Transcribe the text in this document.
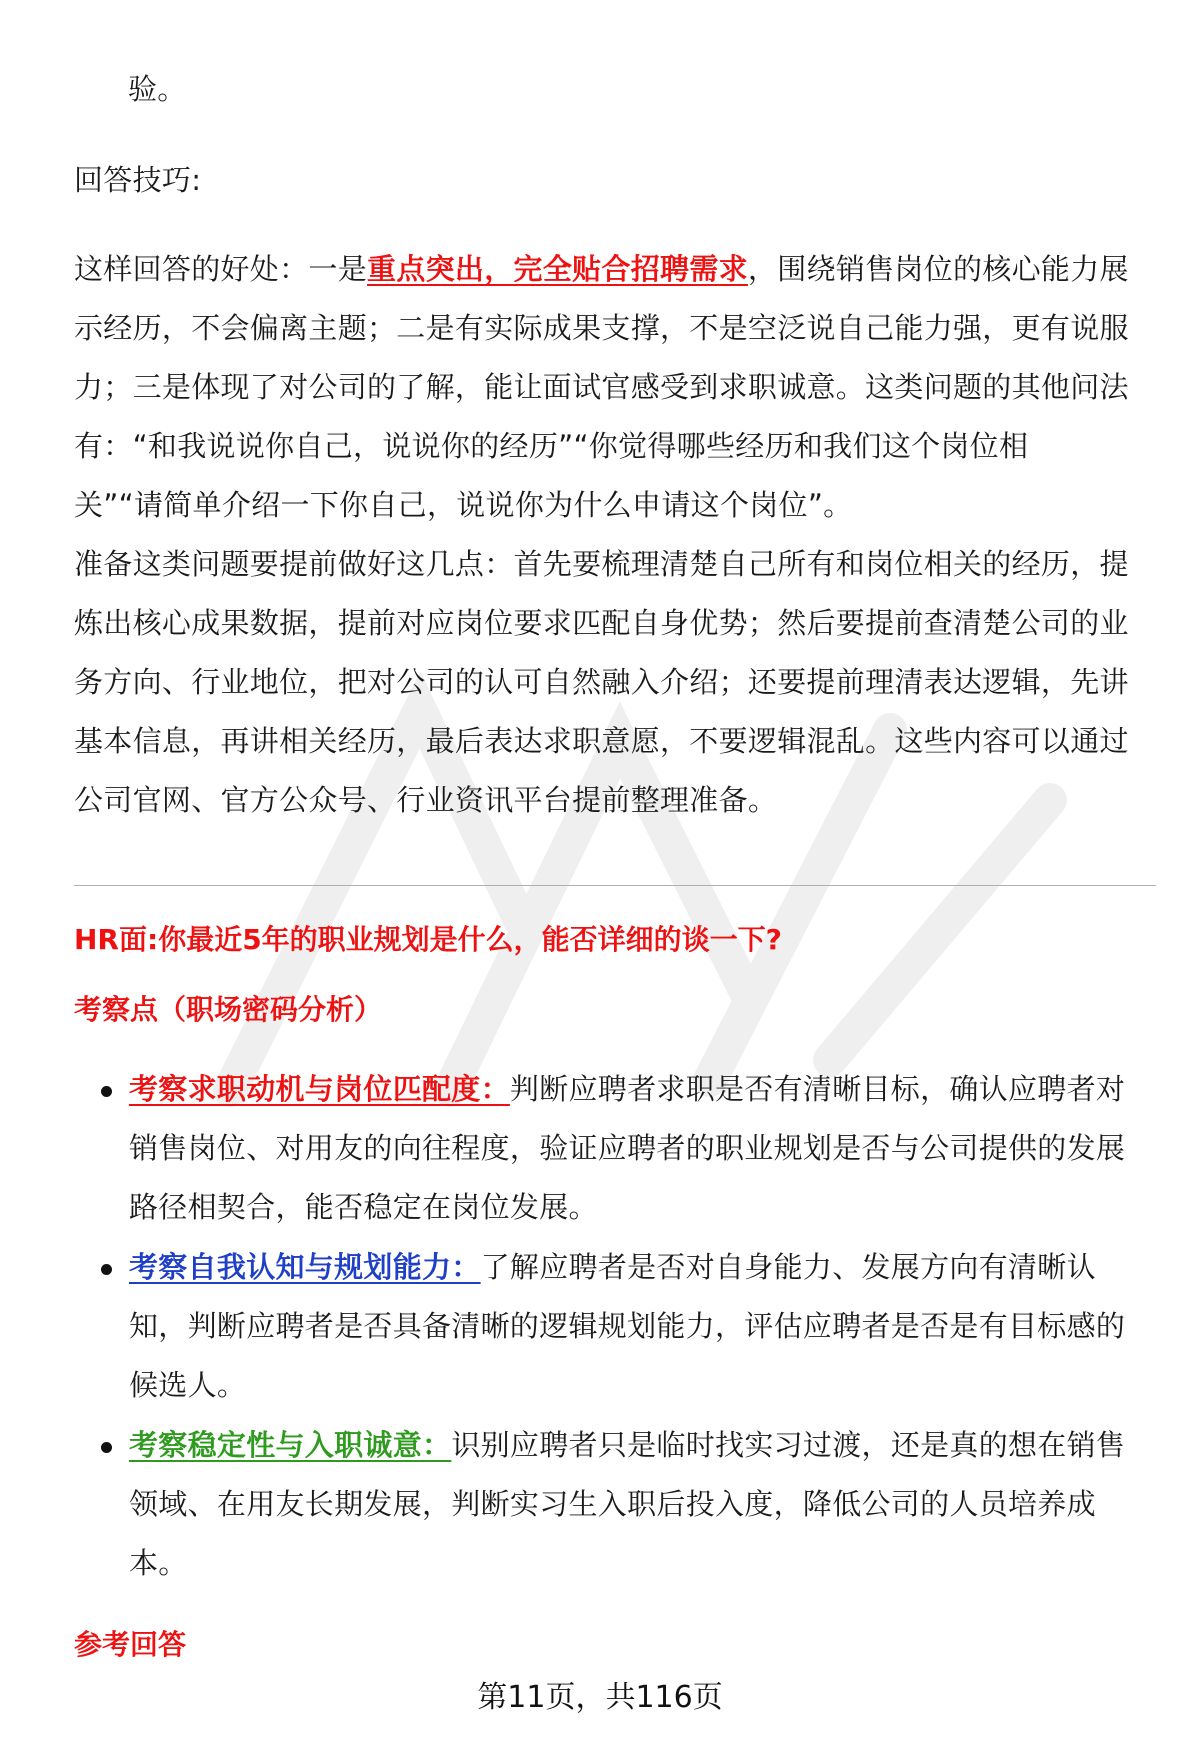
验。

回答技巧:

这样回答的好处：一是重点突出，完全贴合招聘需求，围绕销售岗位的核心能力展
示经历，不会偏离主题；二是有实际成果支撑，不是空泛说自己能力强，更有说服
力；三是体现了对公司的了解，能让面试官感受到求职诚意。这类问题的其他问法
有：“和我说说你自己，说说你的经历”“你觉得哪些经历和我们这个岗位相
关”“请简单介绍一下你自己，说说你为什么申请这个岗位”。

准备这类问题要提前做好这几点：首先要梳理清楚自己所有和岗位相关的经历，提
炼出核心成果数据，提前对应岗位要求匹配自身优势；然后要提前查清楚公司的业
务方向、行业地位，把对公司的认可自然融入介绍；还要提前理清表达逻辑，先讲
基本信息，再讲相关经历，最后表达求职意愿，不要逻辑混乱。这些内容可以通过
公司官网、官方公众号、行业资讯平台提前整理准备。

HR面:你最近5年的职业规划是什么，能否详细的谈一下?

考察点（职场密码分析）

考察求职动机与岗位匹配度：判断应聘者求职是否有清晰目标，确认应聘者对
销售岗位、对用友的向往程度，验证应聘者的职业规划是否与公司提供的发展
路径相契合，能否稳定在岗位发展。
考察自我认知与规划能力：了解应聘者是否对自身能力、发展方向有清晰认
知，判断应聘者是否具备清晰的逻辑规划能力，评估应聘者是否是有目标感的
候选人。
考察稳定性与入职诚意：识别应聘者只是临时找实习过渡，还是真的想在销售
领域、在用友长期发展，判断实习生入职后投入度，降低公司的人员培养成
本。

参考回答

第11页，共116页
